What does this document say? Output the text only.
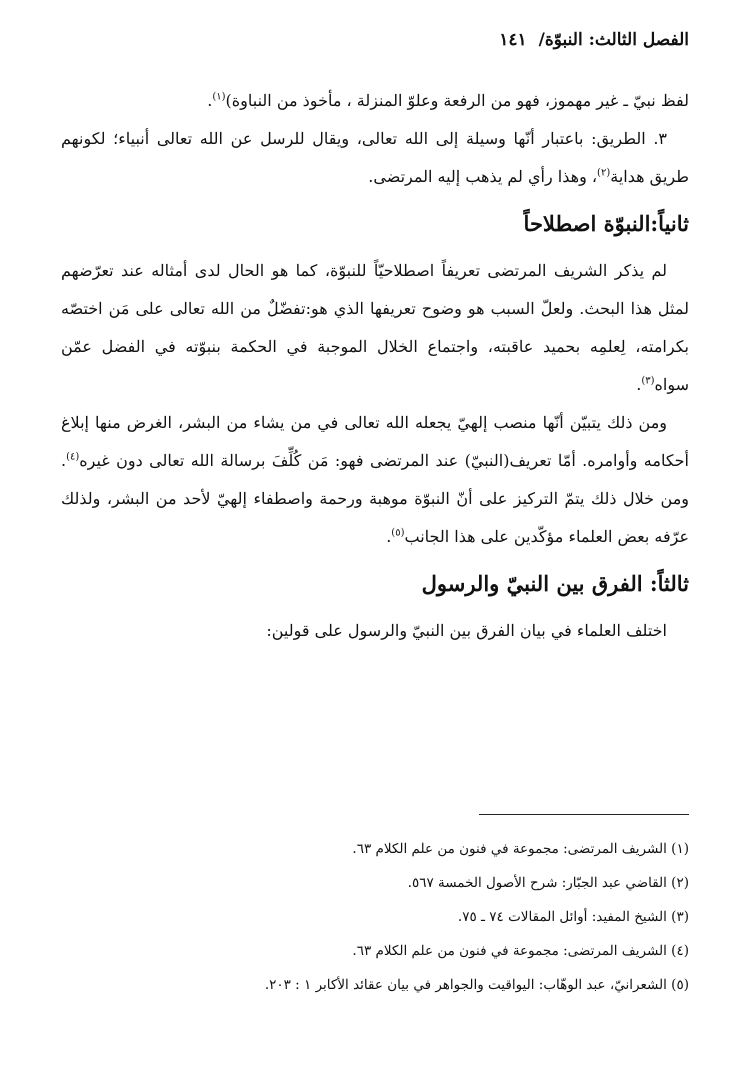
الفصل الثالث: النبوّة/ ١٤١

لفظ نبيّ ـ غير مهموز، فهو من الرفعة وعلوّ المنزلة ، مأخوذ من النباوة)$^{(١)}$.

٣. الطريق: باعتبار أنّها وسيلة إلى الله تعالى، ويقال للرسل عن الله تعالى أنبياء؛ لكونهم طريق هداية$^{(٢)}$، وهذا رأي لم يذهب إليه المرتضى.

ثانياً:النبوّة اصطلاحاً

لم يذكر الشريف المرتضى تعريفاً اصطلاحيّاً للنبوّة، كما هو الحال لدى أمثاله عند تعرّضهم لمثل هذا البحث. ولعلّ السبب هو وضوح تعريفها الذي هو:تفضّلٌ من الله تعالى على مَن اختصّه بكرامته، لِعلمِه بحميد عاقبته، واجتماع الخلال الموجبة في الحكمة بنبوّته في الفضل عمّن سواه$^{(٣)}$.

ومن ذلك يتبيّن أنّها منصب إلهيّ يجعله الله تعالى في من يشاء من البشر، الغرض منها إبلاغ أحكامه وأوامره. أمّا تعريف(النبيّ) عند المرتضى فهو: مَن كُلِّفَ برسالة الله تعالى دون غيره$^{(٤)}$. ومن خلال ذلك يتمّ التركيز على أنّ النبوّة موهبة ورحمة واصطفاء إلهيّ لأحد من البشر، ولذلك عرّفه بعض العلماء مؤكّدين على هذا الجانب$^{(٥)}$.

ثالثاً: الفرق بين النبيّ والرسول

اختلف العلماء في بيان الفرق بين النبيّ والرسول على قولين:

(١) الشريف المرتضى: مجموعة في فنون من علم الكلام ٦٣.

(٢) القاضي عبد الجبّار: شرح الأصول الخمسة ٥٦٧.

(٣) الشيخ المفيد: أوائل المقالات ٧٤ ـ ٧٥.

(٤) الشريف المرتضى: مجموعة في فنون من علم الكلام ٦٣.

(٥) الشعرانيّ، عبد الوهّاب: اليواقيت والجواهر في بيان عقائد الأكابر ١ : ٢٠٣.
